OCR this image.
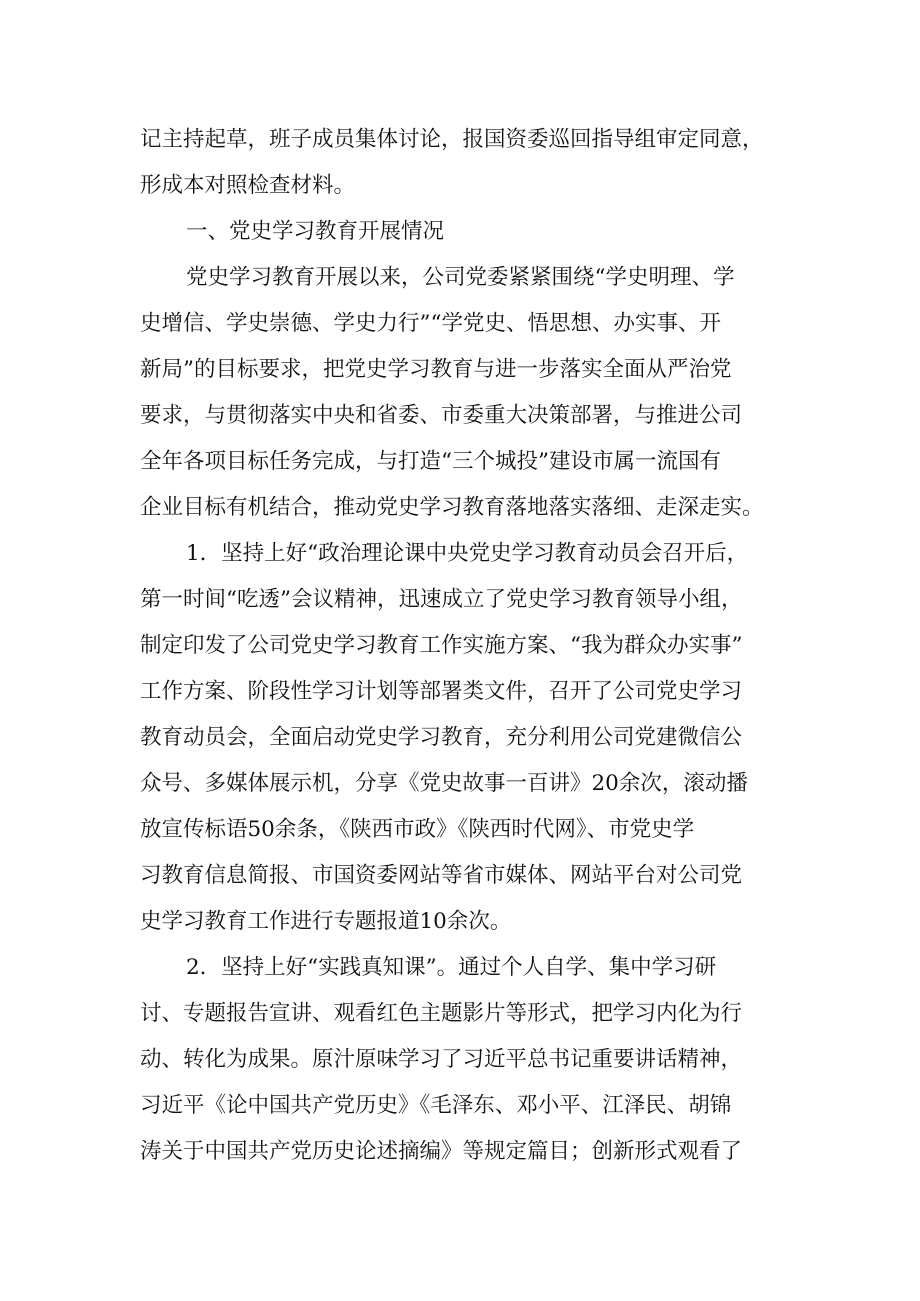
记主持起草，班子成员集体讨论，报国资委巡回指导组审定同意，
形成本对照检查材料。
一、党史学习教育开展情况
党史学习教育开展以来，公司党委紧紧围绕“学史明理、学
史增信、学史崇德、学史力行”“学党史、悟思想、办实事、开
新局”的目标要求，把党史学习教育与进一步落实全面从严治党
要求，与贯彻落实中央和省委、市委重大决策部署，与推进公司
全年各项目标任务完成，与打造“三个城投”建设市属一流国有
企业目标有机结合，推动党史学习教育落地落实落细、走深走实。
1．坚持上好“政治理论课中央党史学习教育动员会召开后，
第一时间“吃透”会议精神，迅速成立了党史学习教育领导小组，
制定印发了公司党史学习教育工作实施方案、“我为群众办实事”
工作方案、阶段性学习计划等部署类文件，召开了公司党史学习
教育动员会，全面启动党史学习教育，充分利用公司党建微信公
众号、多媒体展示机，分享《党史故事一百讲》20余次，滚动播
放宣传标语50余条，《陕西市政》《陕西时代网》、市党史学
习教育信息简报、市国资委网站等省市媒体、网站平台对公司党
史学习教育工作进行专题报道10余次。
2．坚持上好“实践真知课”。通过个人自学、集中学习研
讨、专题报告宣讲、观看红色主题影片等形式，把学习内化为行
动、转化为成果。原汁原味学习了习近平总书记重要讲话精神，
习近平《论中国共产党历史》《毛泽东、邓小平、江泽民、胡锦
涛关于中国共产党历史论述摘编》等规定篇目；创新形式观看了
